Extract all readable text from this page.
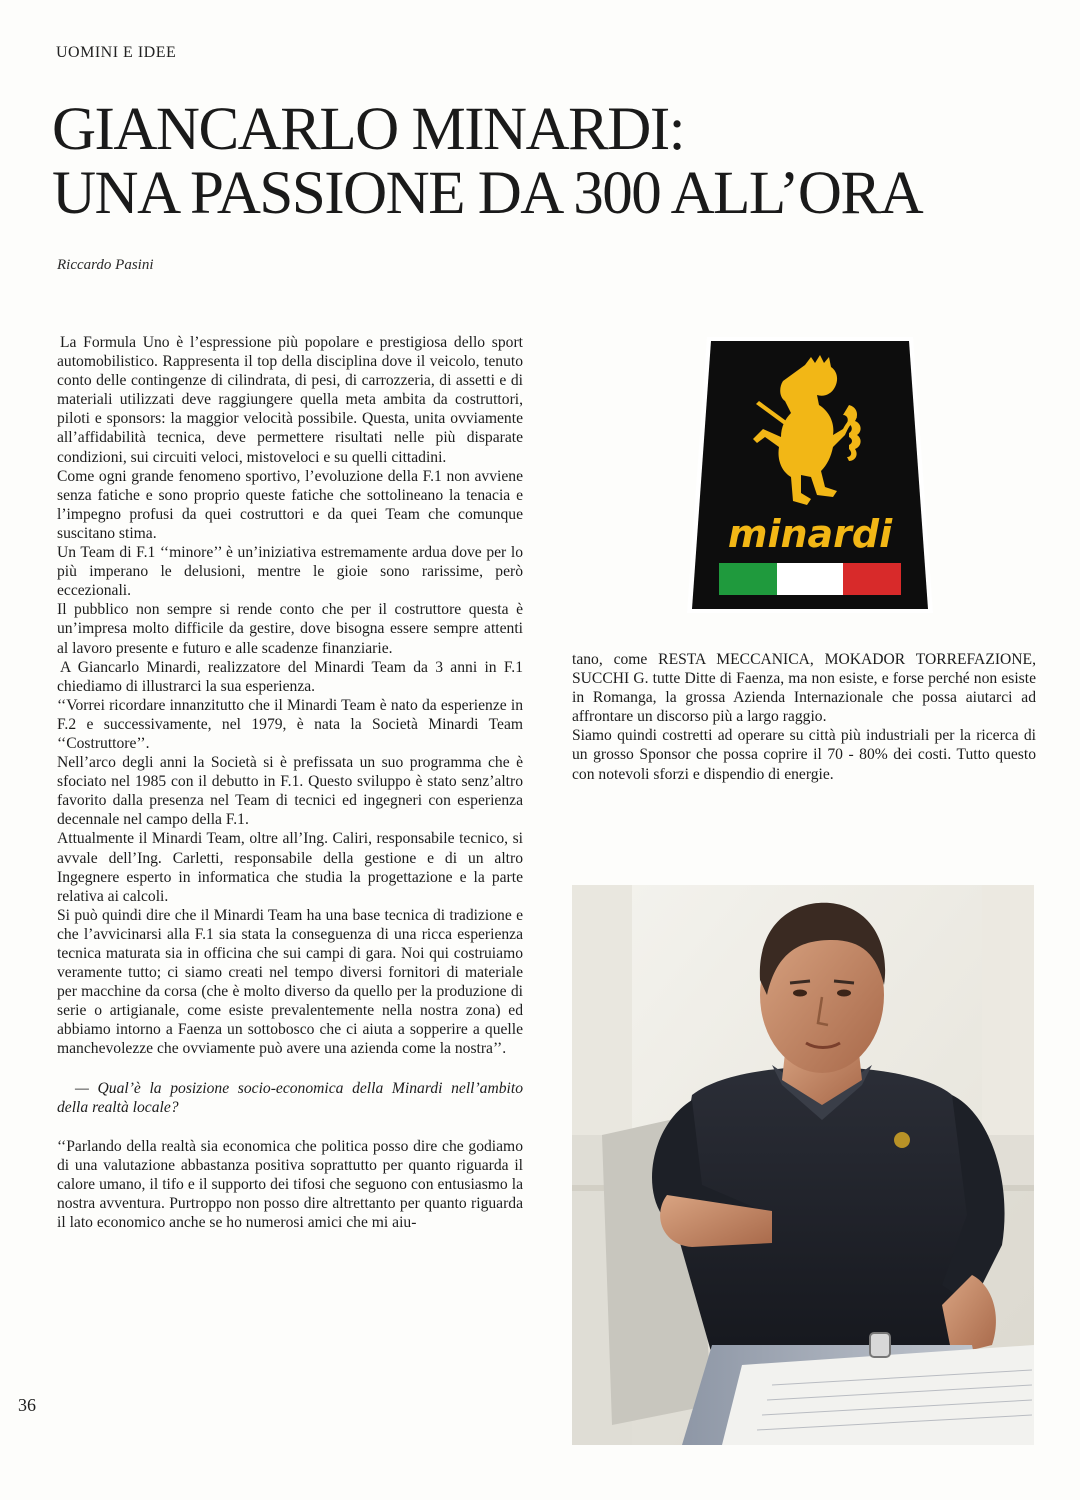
UOMINI E IDEE
GIANCARLO MINARDI:
UNA PASSIONE DA 300 ALL’ORA
Riccardo Pasini

La Formula Uno è l’espressione più popolare e prestigiosa dello sport automobilistico. Rappresenta il top della disciplina dove il veicolo, tenuto conto delle contingenze di cilindrata, di pesi, di carrozzeria, di assetti e di materiali utilizzati deve raggiungere quella meta ambita da costruttori, piloti e sponsors: la maggior velocità possibile. Questa, unita ovviamente all’affidabilità tecnica, deve permettere risultati nelle più disparate condizioni, sui circuiti veloci, mistoveloci e su quelli cittadini.

Come ogni grande fenomeno sportivo, l’evoluzione della F.1 non avviene senza fatiche e sono proprio queste fatiche che sottolineano la tenacia e l’impegno profusi da quei costruttori e da quei Team che comunque suscitano stima.

Un Team di F.1 ‘‘minore’’ è un’iniziativa estremamente ardua dove per lo più imperano le delusioni, mentre le gioie sono rarissime, però eccezionali.

Il pubblico non sempre si rende conto che per il costruttore questa è un’impresa molto difficile da gestire, dove bisogna essere sempre attenti al lavoro presente e futuro e alle scadenze finanziarie.

A Giancarlo Minardi, realizzatore del Minardi Team da 3 anni in F.1 chiediamo di illustrarci la sua esperienza.

‘‘Vorrei ricordare innanzitutto che il Minardi Team è nato da esperienze in F.2 e successivamente, nel 1979, è nata la Società Minardi Team ‘‘Costruttore’’.

Nell’arco degli anni la Società si è prefissata un suo programma che è sfociato nel 1985 con il debutto in F.1. Questo sviluppo è stato senz’altro favorito dalla presenza nel Team di tecnici ed ingegneri con esperienza decennale nel campo della F.1.

Attualmente il Minardi Team, oltre all’Ing. Caliri, responsabile tecnico, si avvale dell’Ing. Carletti, responsabile della gestione e di un altro Ingegnere esperto in informatica che studia la progettazione e la parte relativa ai calcoli.

Si può quindi dire che il Minardi Team ha una base tecnica di tradizione e che l’avvicinarsi alla F.1 sia stata la conseguenza di una ricca esperienza tecnica maturata sia in officina che sui campi di gara. Noi qui costruiamo veramente tutto; ci siamo creati nel tempo diversi fornitori di materiale per macchine da corsa (che è molto diverso da quello per la produzione di serie o artigianale, come esiste prevalentemente nella nostra zona) ed abbiamo intorno a Faenza un sottobosco che ci aiuta a sopperire a quelle manchevolezze che ovviamente può avere una azienda come la nostra’’.

— Qual’è la posizione socio-economica della Minardi nell’ambito della realtà locale?

‘‘Parlando della realtà sia economica che politica posso dire che godiamo di una valutazione abbastanza positiva soprattutto per quanto riguarda il calore umano, il tifo e il supporto dei tifosi che seguono con entusiasmo la nostra avventura. Purtroppo non posso dire altrettanto per quanto riguarda il lato economico anche se ho numerosi amici che mi aiu-

minardi

tano, come RESTA MECCANICA, MOKADOR TORREFAZIONE, SUCCHI G. tutte Ditte di Faenza, ma non esiste, e forse perché non esiste in Romanga, la grossa Azienda Internazionale che possa aiutarci ad affrontare un discorso più a largo raggio.

Siamo quindi costretti ad operare su città più industriali per la ricerca di un grosso Sponsor che possa coprire il 70 - 80% dei costi. Tutto questo con notevoli sforzi e dispendio di energie.

36
